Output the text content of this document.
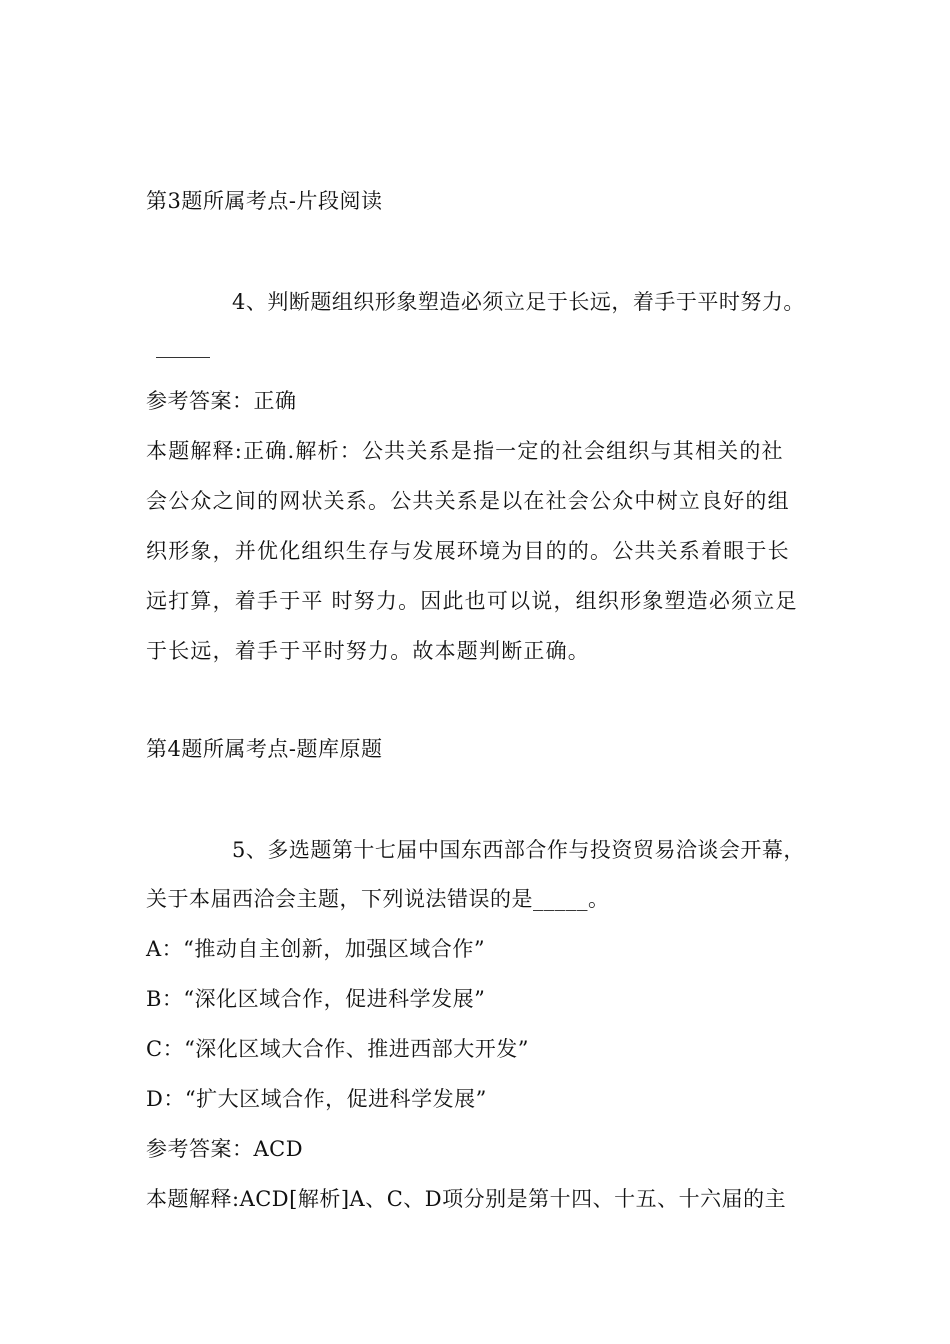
第3题所属考点-片段阅读
4、判断题组织形象塑造必须立足于长远，着手于平时努力。
参考答案：正确
本题解释:正确.解析：公共关系是指一定的社会组织与其相关的社
会公众之间的网状关系。公共关系是以在社会公众中树立良好的组
织形象，并优化组织生存与发展环境为目的的。公共关系着眼于长
远打算，着手于平 时努力。因此也可以说，组织形象塑造必须立足
于长远，着手于平时努力。故本题判断正确。
第4题所属考点-题库原题
5、多选题第十七届中国东西部合作与投资贸易洽谈会开幕，
关于本届西洽会主题，下列说法错误的是_____。
A：“推动自主创新，加强区域合作”
B：“深化区域合作，促进科学发展”
C：“深化区域大合作、推进西部大开发”
D：“扩大区域合作，促进科学发展”
参考答案：ACD
本题解释:ACD[解析]A、C、D项分别是第十四、十五、十六届的主
